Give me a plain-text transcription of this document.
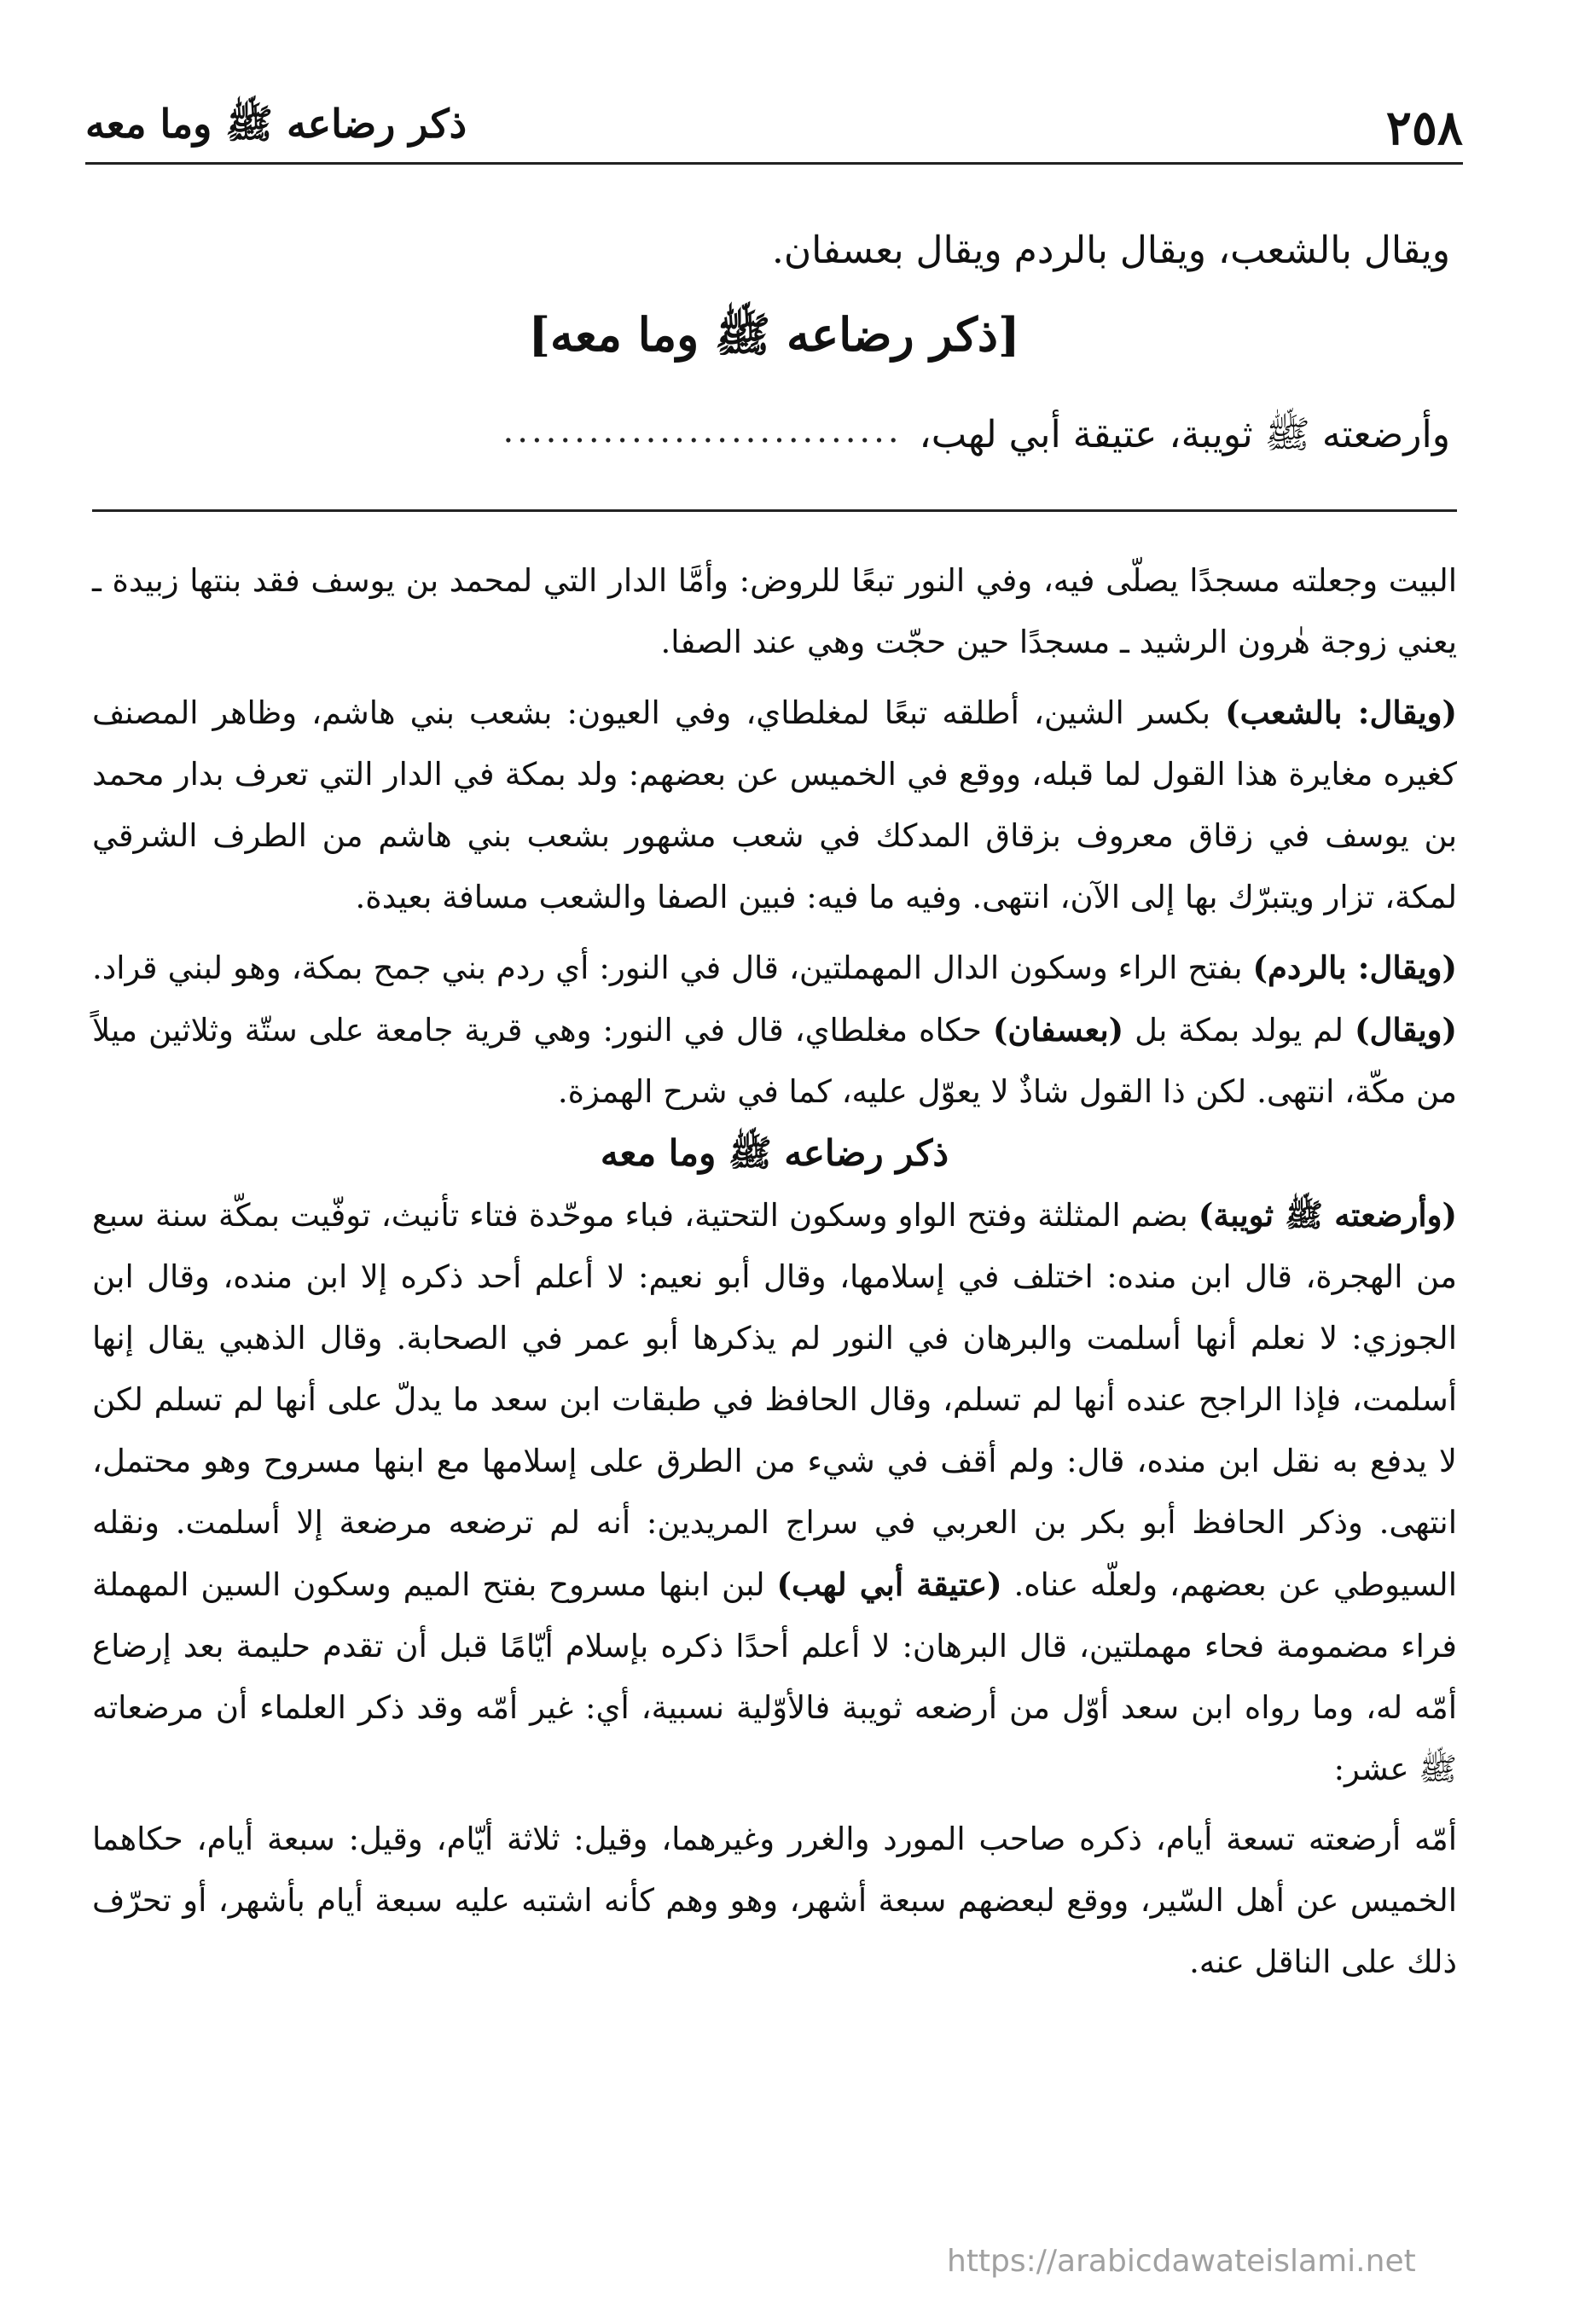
٢٥٨
ذكر رضاعه ﷺ وما معه
ويقال بالشعب، ويقال بالردم ويقال بعسفان.
[ذكر رضاعه ﷺ وما معه]
وأرضعته ﷺ ثويبة، عتيقة أبي لهب،
............................

البيت وجعلته مسجدًا يصلّى فيه، وفي النور تبعًا للروض: وأمَّا الدار التي لمحمد بن يوسف فقد بنتها زبيدة ـ يعني زوجة هٰرون الرشيد ـ مسجدًا حين حجّت وهي عند الصفا.

(ويقال: بالشعب) بكسر الشين، أطلقه تبعًا لمغلطاي، وفي العيون: بشعب بني هاشم، وظاهر المصنف كغيره مغايرة هذا القول لما قبله، ووقع في الخميس عن بعضهم: ولد بمكة في الدار التي تعرف بدار محمد بن يوسف في زقاق معروف بزقاق المدكك في شعب مشهور بشعب بني هاشم من الطرف الشرقي لمكة، تزار ويتبرّك بها إلى الآن، انتهى. وفيه ما فيه: فبين الصفا والشعب مسافة بعيدة.

(ويقال: بالردم) بفتح الراء وسكون الدال المهملتين، قال في النور: أي ردم بني جمح بمكة، وهو لبني قراد. (ويقال) لم يولد بمكة بل (بعسفان) حكاه مغلطاي، قال في النور: وهي قرية جامعة على ستّة وثلاثين ميلاً من مكّة، انتهى. لكن ذا القول شاذٌ لا يعوّل عليه، كما في شرح الهمزة.

ذكر رضاعه ﷺ وما معه

(وأرضعته ﷺ ثويبة) بضم المثلثة وفتح الواو وسكون التحتية، فباء موحّدة فتاء تأنيث، توفّيت بمكّة سنة سبع من الهجرة، قال ابن منده: اختلف في إسلامها، وقال أبو نعيم: لا أعلم أحد ذكره إلا ابن منده، وقال ابن الجوزي: لا نعلم أنها أسلمت والبرهان في النور لم يذكرها أبو عمر في الصحابة. وقال الذهبي يقال إنها أسلمت، فإذا الراجح عنده أنها لم تسلم، وقال الحافظ في طبقات ابن سعد ما يدلّ على أنها لم تسلم لكن لا يدفع به نقل ابن منده، قال: ولم أقف في شيء من الطرق على إسلامها مع ابنها مسروح وهو محتمل، انتهى. وذكر الحافظ أبو بكر بن العربي في سراج المريدين: أنه لم ترضعه مرضعة إلا أسلمت. ونقله السيوطي عن بعضهم، ولعلّه عناه. (عتيقة أبي لهب) لبن ابنها مسروح بفتح الميم وسكون السين المهملة فراء مضمومة فحاء مهملتين، قال البرهان: لا أعلم أحدًا ذكره بإسلام أيّامًا قبل أن تقدم حليمة بعد إرضاع أمّه له، وما رواه ابن سعد أوّل من أرضعه ثويبة فالأوّلية نسبية، أي: غير أمّه وقد ذكر العلماء أن مرضعاته ﷺ عشر:

أمّه أرضعته تسعة أيام، ذكره صاحب المورد والغرر وغيرهما، وقيل: ثلاثة أيّام، وقيل: سبعة أيام، حكاهما الخميس عن أهل السّير، ووقع لبعضهم سبعة أشهر، وهو وهم كأنه اشتبه عليه سبعة أيام بأشهر، أو تحرّف ذلك على الناقل عنه.

https://arabicdawateislami.net
